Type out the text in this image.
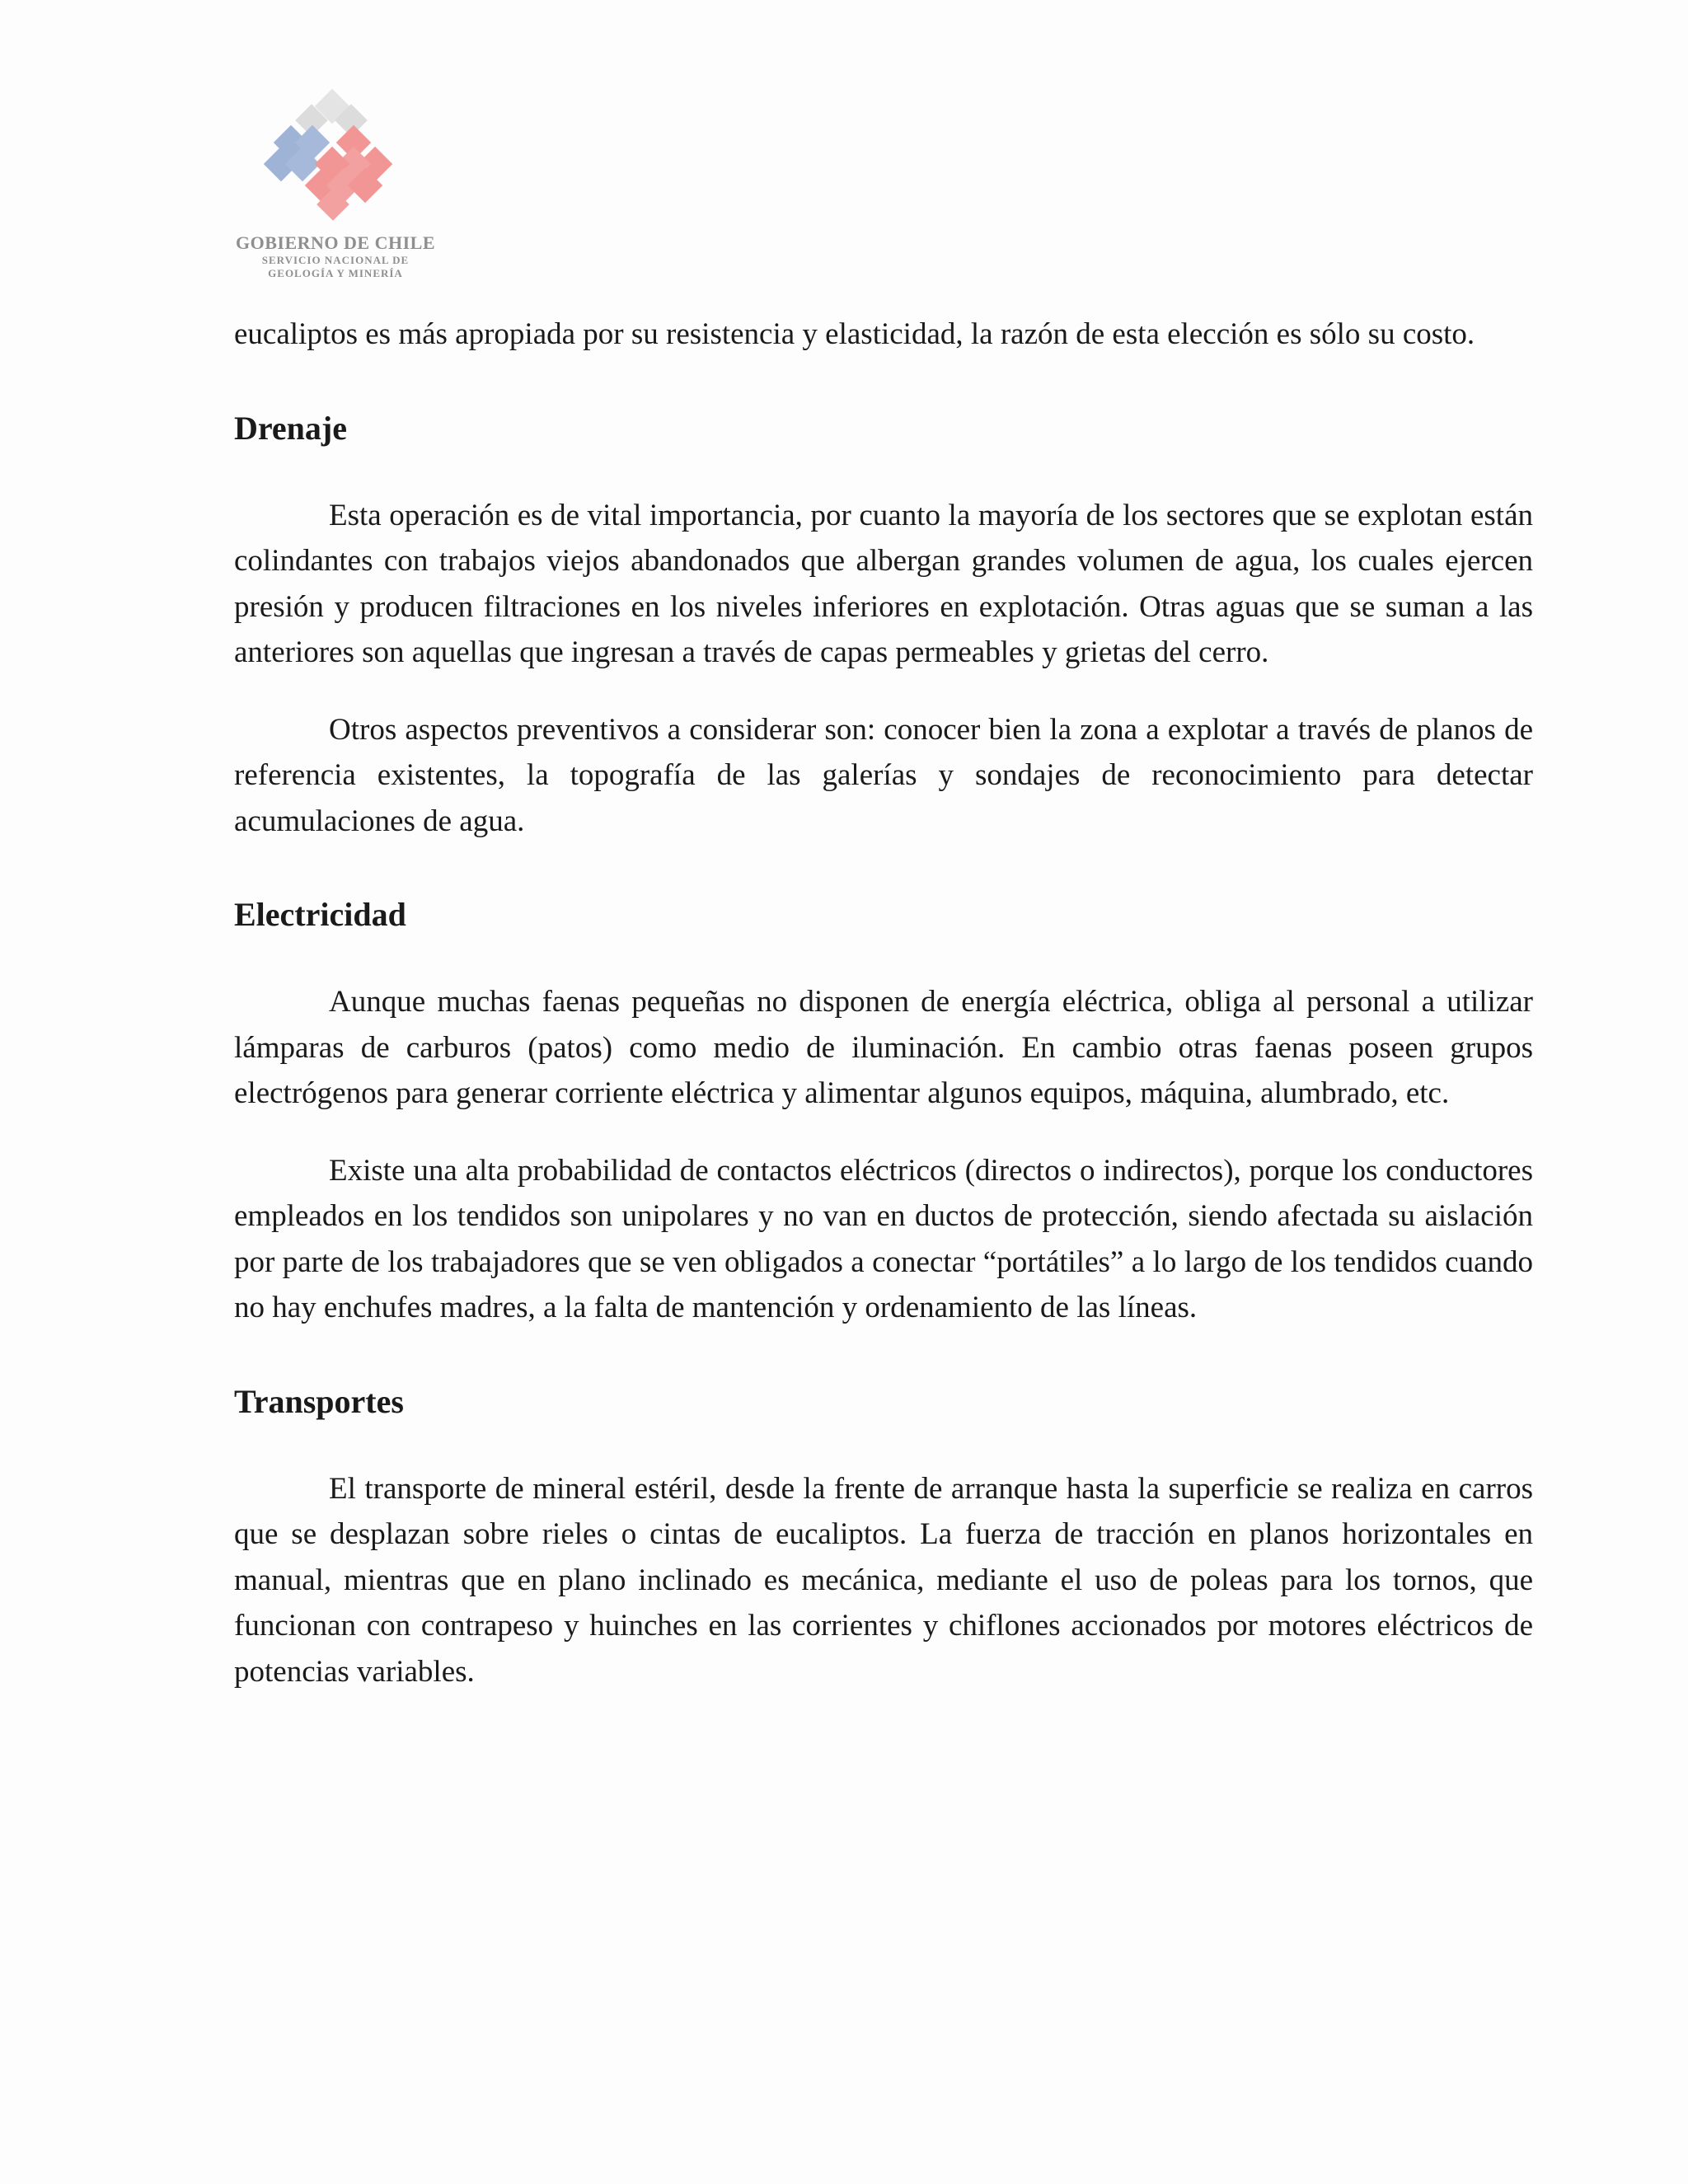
GOBIERNO DE CHILE
SERVICIO NACIONAL DE
GEOLOGÍA Y MINERÍA

eucaliptos es más apropiada por su resistencia y elasticidad, la razón de esta elección es sólo su costo.

Drenaje

Esta operación es de vital importancia, por cuanto la mayoría de los sectores que se explotan están colindantes con trabajos viejos abandonados que albergan grandes volumen de agua, los cuales ejercen presión y producen filtraciones en los niveles inferiores en explotación. Otras aguas que se suman a las anteriores son aquellas que ingresan a través de capas permeables y grietas del cerro.

Otros aspectos preventivos a considerar son: conocer bien la zona a explotar a través de planos de referencia existentes, la topografía de las galerías y sondajes de reconocimiento para detectar acumulaciones de agua.

Electricidad

Aunque muchas faenas pequeñas no disponen de energía eléctrica, obliga al personal a utilizar lámparas de carburos (patos) como medio de iluminación. En cambio otras faenas poseen grupos electrógenos para generar corriente eléctrica y alimentar algunos equipos, máquina, alumbrado, etc.

Existe una alta probabilidad de contactos eléctricos (directos o indirectos), porque los conductores empleados en los tendidos son unipolares y no van en ductos de protección, siendo afectada su aislación por parte de los trabajadores que se ven obligados a conectar “portátiles” a lo largo de los tendidos cuando no hay enchufes madres, a la falta de mantención y ordenamiento de las líneas.

Transportes

El transporte de mineral estéril, desde la frente de arranque hasta la superficie se realiza en carros que se desplazan sobre rieles o cintas de eucaliptos. La fuerza de tracción en planos horizontales en manual, mientras que en plano inclinado es mecánica, mediante el uso de poleas para los tornos, que funcionan con contrapeso y huinches en las corrientes y chiflones accionados por motores eléctricos de potencias variables.
